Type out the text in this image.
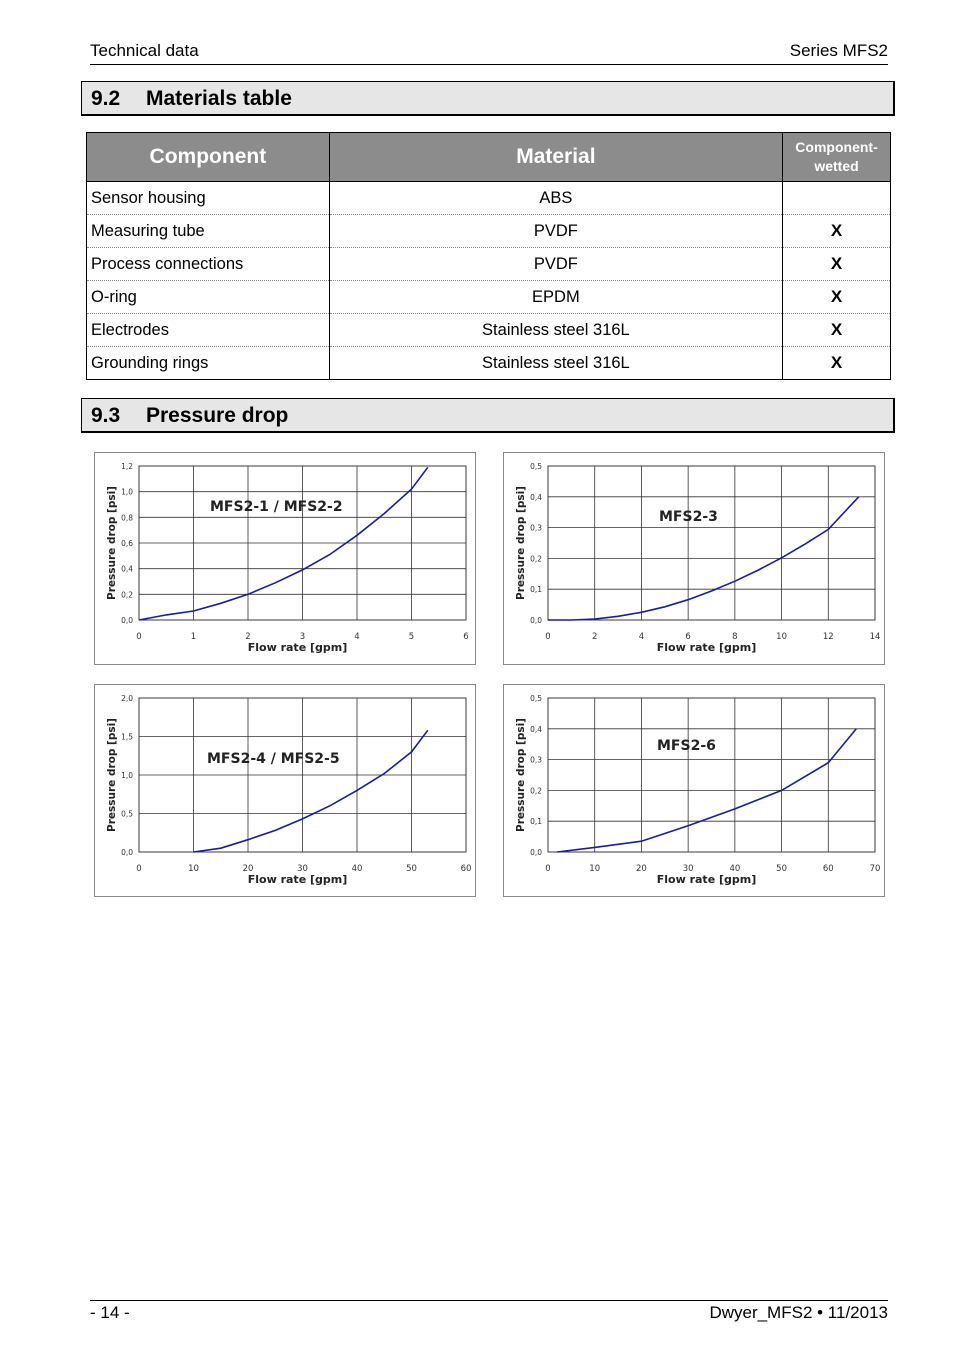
Technical data	Series MFS2
9.2 Materials table
Component	Material	Component-
wetted

Sensor housing	ABS	
Measuring tube	PVDF	X
Process connections	PVDF	X
O-ring	EPDM	X
Electrodes	Stainless steel 316L	X
Grounding rings	Stainless steel 316L	X
9.3 Pressure drop
0	1	2	3	4	5	6
0,0
0,2
0,4
0,6
0,8
1,0
1,2
Flow rate [gpm]
Pressure drop [psi]	MFS2-1 / MFS2-2
0	2	4	6	8	10	12	14
0,0
0,1
0,2
0,3
0,4
0,5
Flow rate [gpm]
Pressure drop [psi]	MFS2-3
0	10	20	30	40	50	60
0,0
0,5
1,0
1,5
2,0
Flow rate [gpm]
Pressure drop [psi]	MFS2-4 / MFS2-5
0	10	20	30	40	50	60	70
0,0
0,1
0,2
0,3
0,4
0,5
Flow rate [gpm]
Pressure drop [psi]	MFS2-6
- 14 -	Dwyer_MFS2 • 11/2013
